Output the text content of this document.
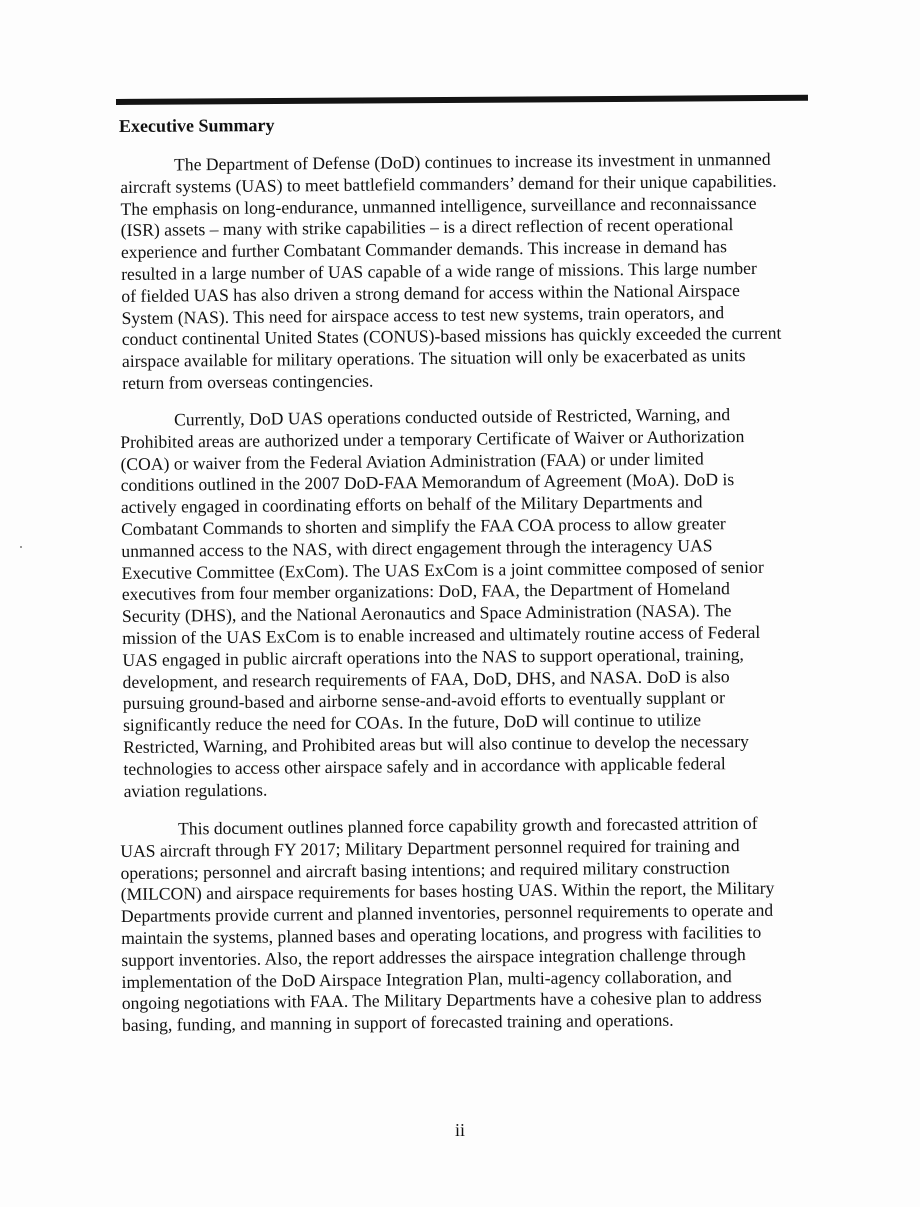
Executive Summary
The Department of Defense (DoD) continues to increase its investment in unmanned
aircraft systems (UAS) to meet battlefield commanders’ demand for their unique capabilities.
The emphasis on long-endurance, unmanned intelligence, surveillance and reconnaissance
(ISR) assets – many with strike capabilities – is a direct reflection of recent operational
experience and further Combatant Commander demands. This increase in demand has
resulted in a large number of UAS capable of a wide range of missions. This large number
of fielded UAS has also driven a strong demand for access within the National Airspace
System (NAS). This need for airspace access to test new systems, train operators, and
conduct continental United States (CONUS)-based missions has quickly exceeded the current
airspace available for military operations. The situation will only be exacerbated as units
return from overseas contingencies.
Currently, DoD UAS operations conducted outside of Restricted, Warning, and
Prohibited areas are authorized under a temporary Certificate of Waiver or Authorization
(COA) or waiver from the Federal Aviation Administration (FAA) or under limited
conditions outlined in the 2007 DoD-FAA Memorandum of Agreement (MoA). DoD is
actively engaged in coordinating efforts on behalf of the Military Departments and
Combatant Commands to shorten and simplify the FAA COA process to allow greater
unmanned access to the NAS, with direct engagement through the interagency UAS
Executive Committee (ExCom). The UAS ExCom is a joint committee composed of senior
executives from four member organizations: DoD, FAA, the Department of Homeland
Security (DHS), and the National Aeronautics and Space Administration (NASA). The
mission of the UAS ExCom is to enable increased and ultimately routine access of Federal
UAS engaged in public aircraft operations into the NAS to support operational, training,
development, and research requirements of FAA, DoD, DHS, and NASA. DoD is also
pursuing ground-based and airborne sense-and-avoid efforts to eventually supplant or
significantly reduce the need for COAs. In the future, DoD will continue to utilize
Restricted, Warning, and Prohibited areas but will also continue to develop the necessary
technologies to access other airspace safely and in accordance with applicable federal
aviation regulations.
This document outlines planned force capability growth and forecasted attrition of
UAS aircraft through FY 2017; Military Department personnel required for training and
operations; personnel and aircraft basing intentions; and required military construction
(MILCON) and airspace requirements for bases hosting UAS. Within the report, the Military
Departments provide current and planned inventories, personnel requirements to operate and
maintain the systems, planned bases and operating locations, and progress with facilities to
support inventories. Also, the report addresses the airspace integration challenge through
implementation of the DoD Airspace Integration Plan, multi-agency collaboration, and
ongoing negotiations with FAA. The Military Departments have a cohesive plan to address
basing, funding, and manning in support of forecasted training and operations.
ii
